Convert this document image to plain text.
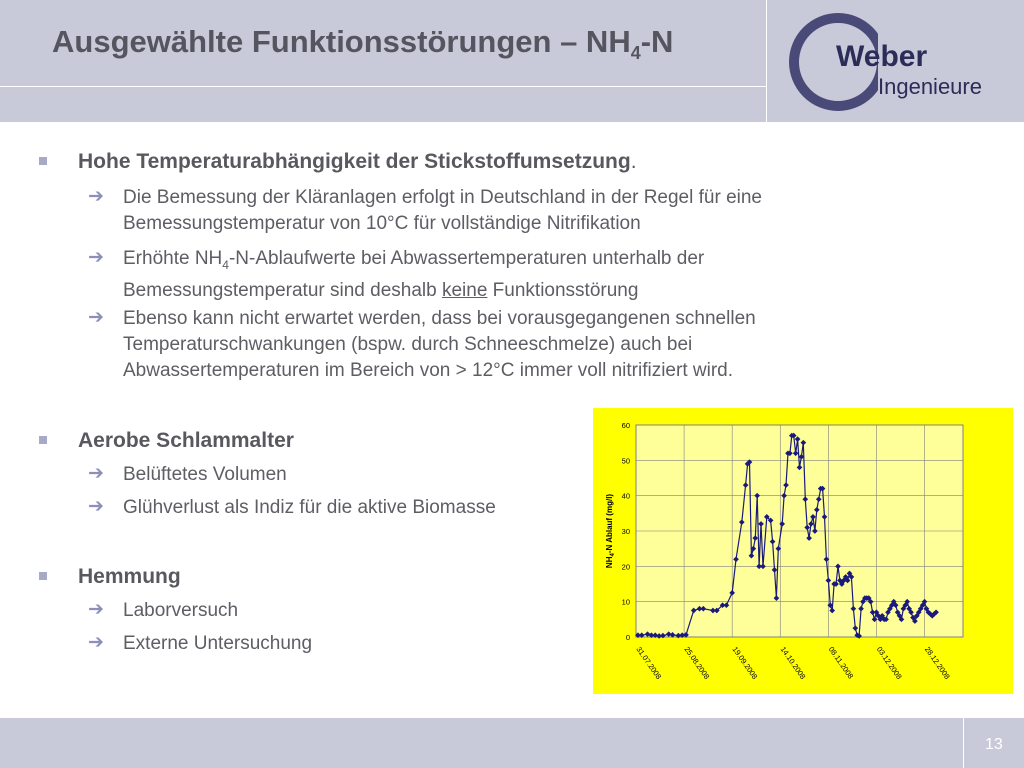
Ausgewählte Funktionsstörungen – $NH_4-N$	Weber
Ingenieure
Hohe Temperaturabhängigkeit der Stickstoffumsetzung.
➔ Die Bemessung der Kläranlagen erfolgt in Deutschland in der Regel für eine Bemessungstemperatur von 10°C für vollständige Nitrifikation
➔ Erhöhte $NH_4-N$-Ablaufwerte bei Abwassertemperaturen unterhalb der Bemessungstemperatur sind deshalb keine Funktionsstörung
➔ Ebenso kann nicht erwartet werden, dass bei vorausgegangenen schnellen Temperaturschwankungen (bspw. durch Schneeschmelze) auch bei Abwassertemperaturen im Bereich von > 12°C immer voll nitrifiziert wird.
Aerobe Schlammalter
➔ Belüftetes Volumen
➔ Glühverlust als Indiz für die aktive Biomasse
Hemmung
➔ Laborversuch
➔ Externe Untersuchung	0
10
20
30
40
50
60
31.07.2008	25.08.2008	19.09.2008	14.10.2008	08.11.2008	03.12.2008	28.12.2008
$NH_4-N$ Ablauf (mg/l)
13
